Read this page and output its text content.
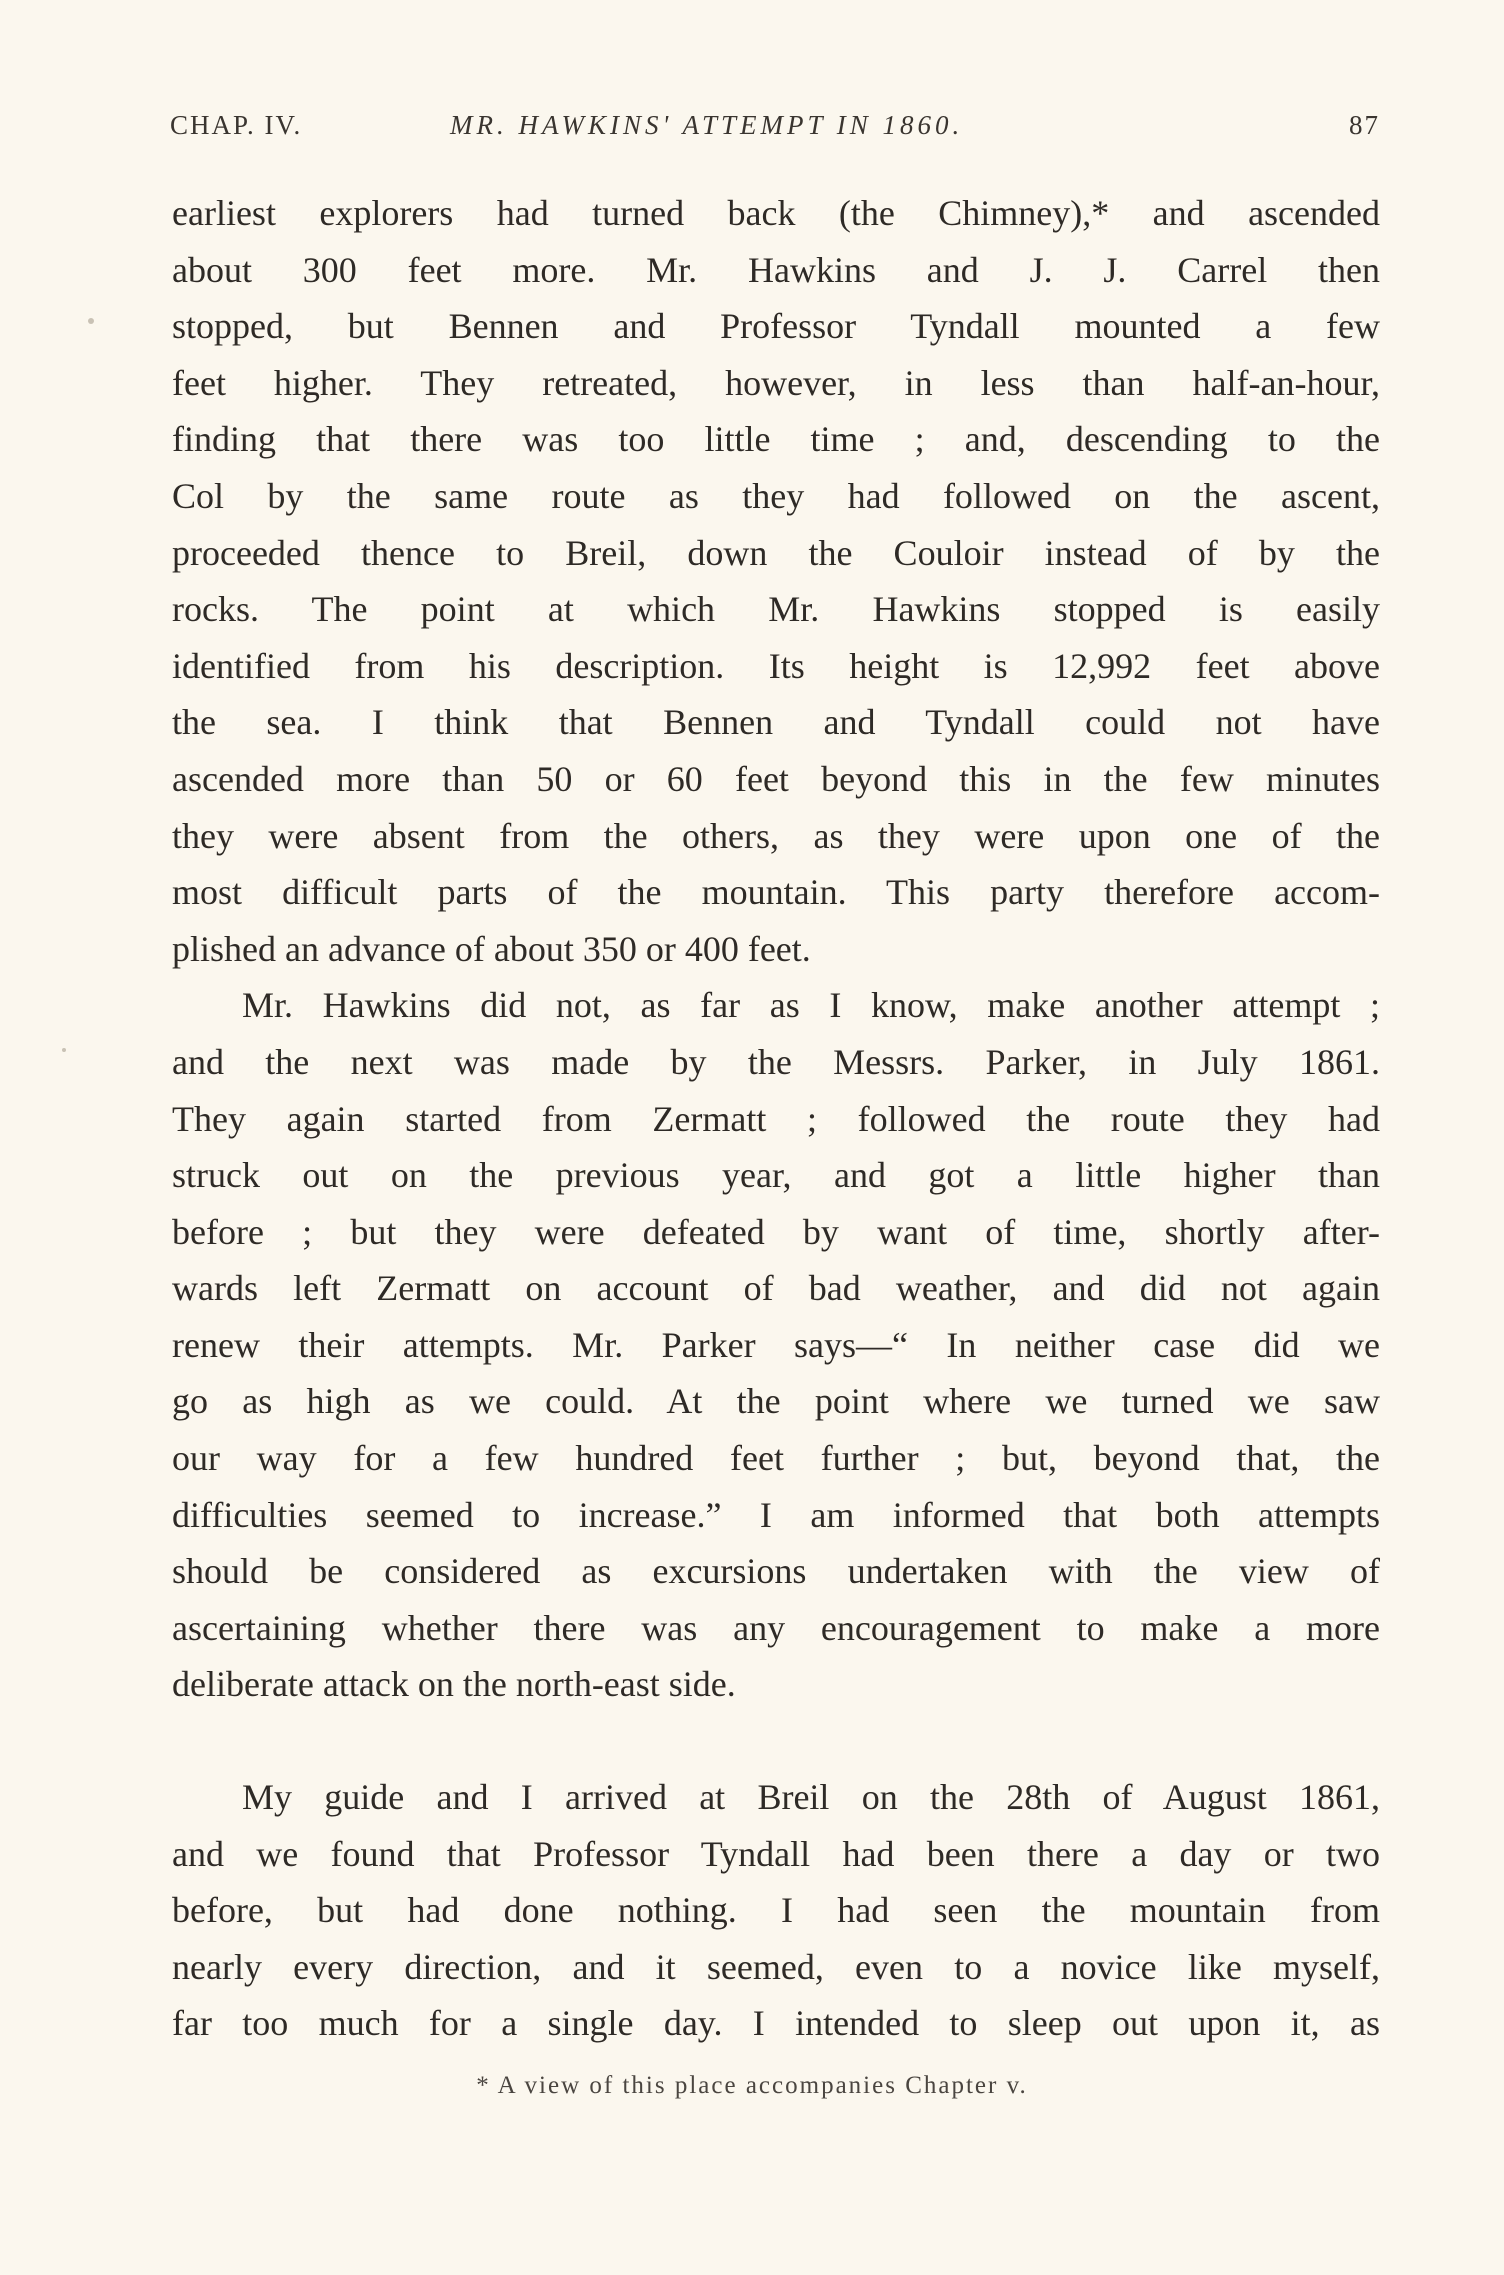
CHAP. IV.	MR. HAWKINS' ATTEMPT IN 1860.	87
earliest explorers had turned back (the Chimney),* and ascended
about 300 feet more. Mr. Hawkins and J. J. Carrel then
stopped, but Bennen and Professor Tyndall mounted a few
feet higher. They retreated, however, in less than half-an-hour,
finding that there was too little time ; and, descending to the
Col by the same route as they had followed on the ascent,
proceeded thence to Breil, down the Couloir instead of by the
rocks. The point at which Mr. Hawkins stopped is easily
identified from his description. Its height is 12,992 feet above
the sea. I think that Bennen and Tyndall could not have
ascended more than 50 or 60 feet beyond this in the few minutes
they were absent from the others, as they were upon one of the
most difficult parts of the mountain. This party therefore accom-
plished an advance of about 350 or 400 feet.
Mr. Hawkins did not, as far as I know, make another attempt ;
and the next was made by the Messrs. Parker, in July 1861.
They again started from Zermatt ; followed the route they had
struck out on the previous year, and got a little higher than
before ; but they were defeated by want of time, shortly after-
wards left Zermatt on account of bad weather, and did not again
renew their attempts. Mr. Parker says—“ In neither case did we
go as high as we could. At the point where we turned we saw
our way for a few hundred feet further ; but, beyond that, the
difficulties seemed to increase.” I am informed that both attempts
should be considered as excursions undertaken with the view of
ascertaining whether there was any encouragement to make a more
deliberate attack on the north-east side.
My guide and I arrived at Breil on the 28th of August 1861,
and we found that Professor Tyndall had been there a day or two
before, but had done nothing. I had seen the mountain from
nearly every direction, and it seemed, even to a novice like myself,
far too much for a single day. I intended to sleep out upon it, as
* A view of this place accompanies Chapter v.
